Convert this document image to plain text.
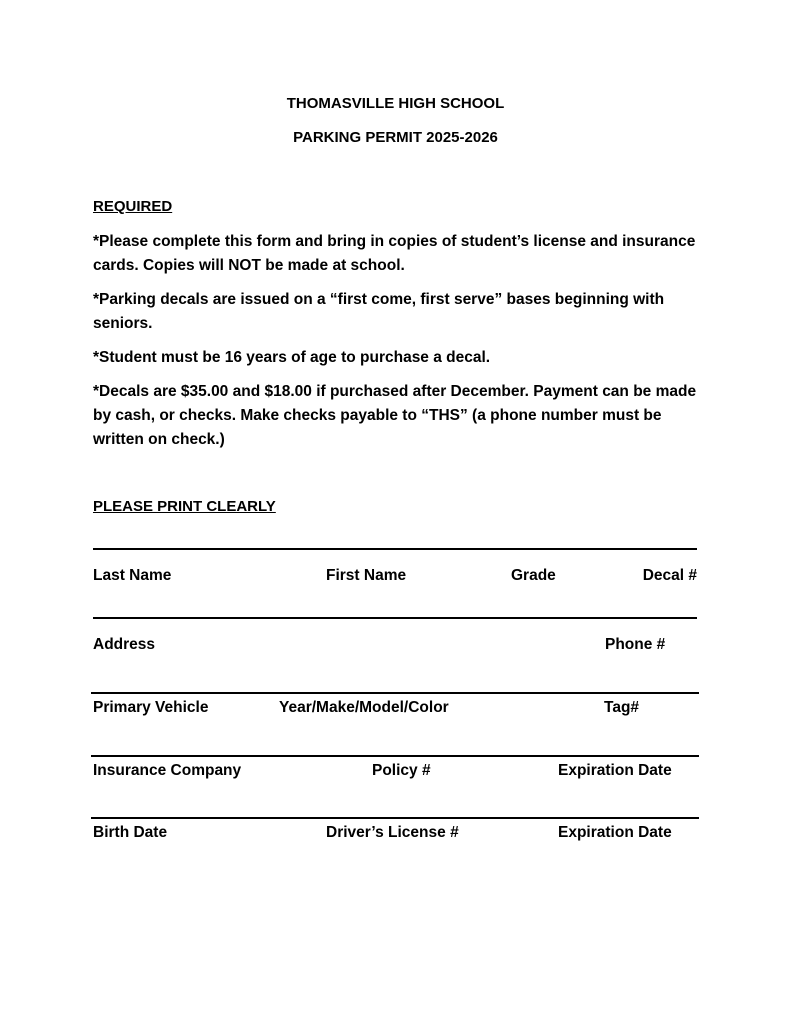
THOMASVILLE HIGH SCHOOL
PARKING PERMIT 2025-2026
REQUIRED
*Please complete this form and bring in copies of student’s license and insurance cards. Copies will NOT be made at school.
*Parking decals are issued on a “first come, first serve” bases beginning with seniors.
*Student must be 16 years of age to purchase a decal.
*Decals are $35.00 and $18.00 if purchased after December. Payment can be made by cash, or checks. Make checks payable to “THS” (a phone number must be written on check.)
PLEASE PRINT CLEARLY
Last Name	First Name	Grade	Decal #
Address	Phone #
Primary Vehicle	Year/Make/Model/Color	Tag#
Insurance Company	Policy #	Expiration Date
Birth Date	Driver’s License #	Expiration Date
